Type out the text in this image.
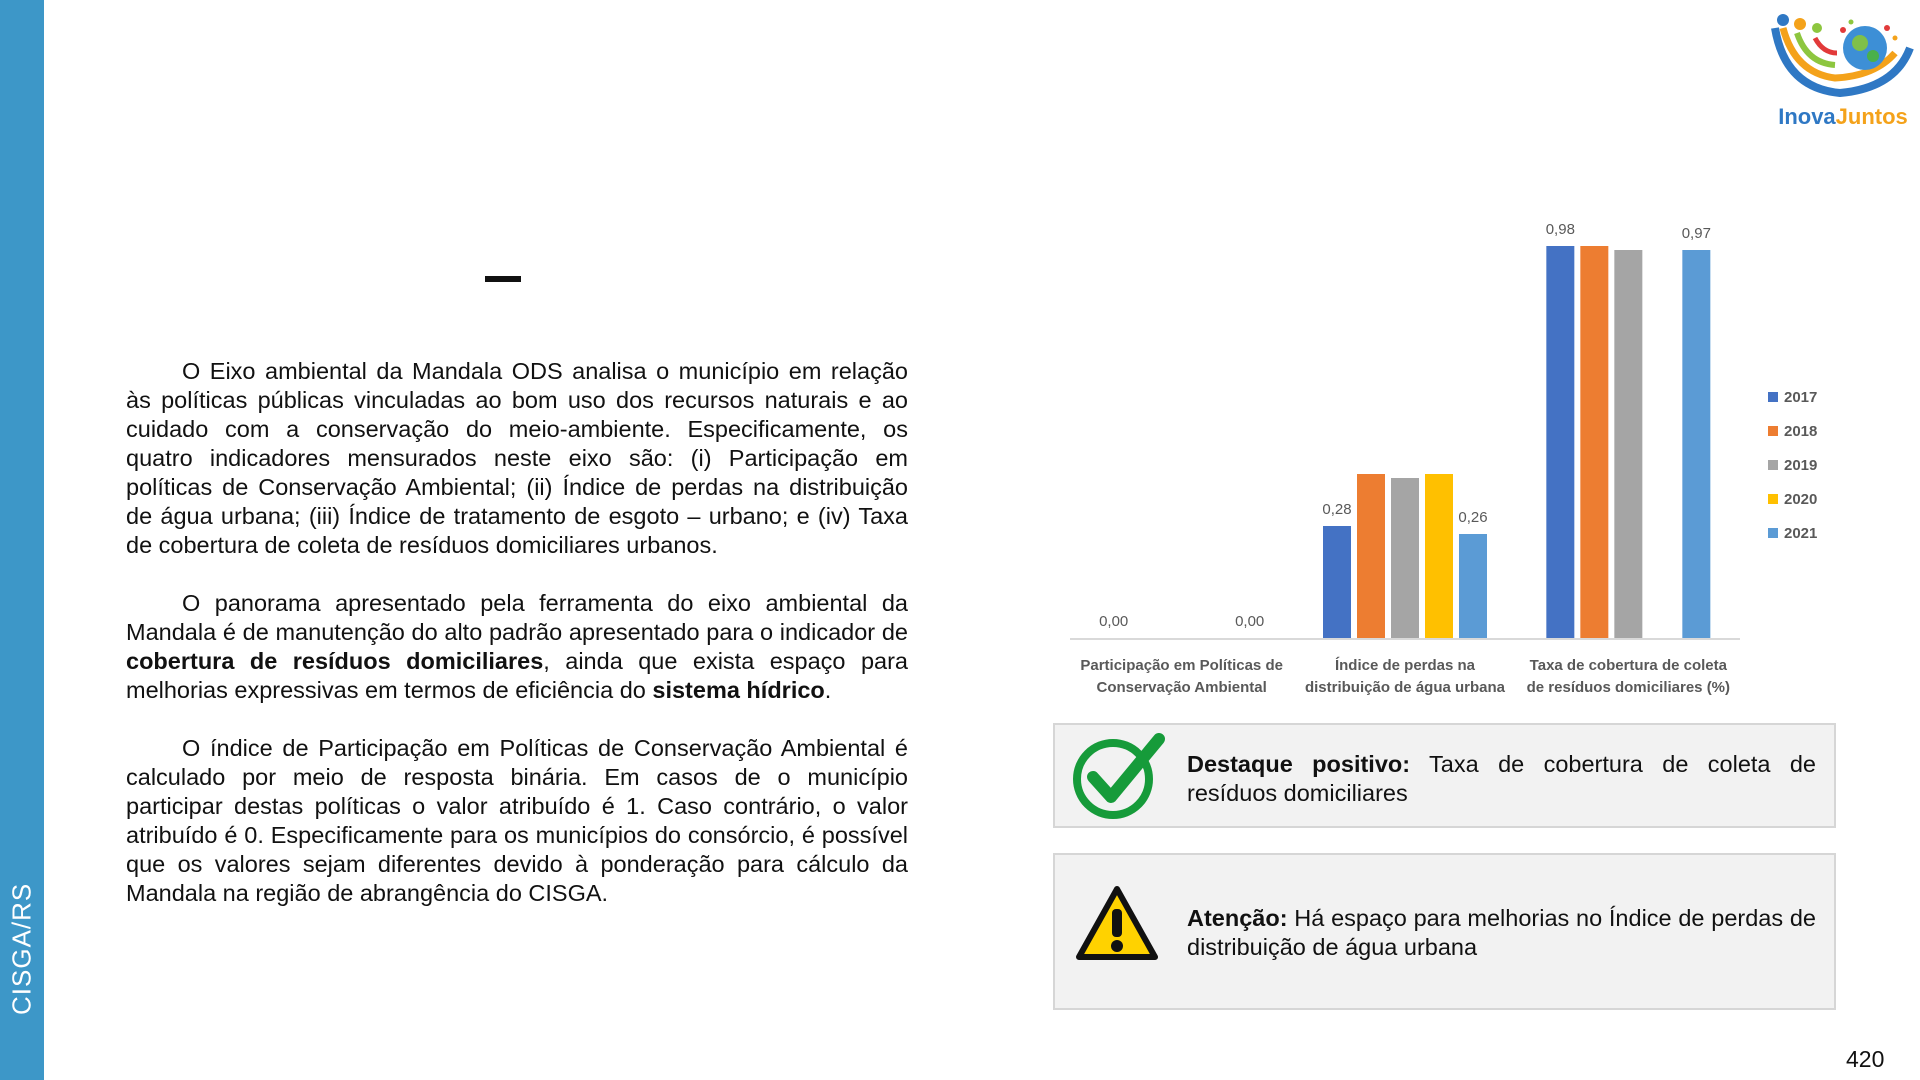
CISGA/RS
InovaJuntos

O Eixo ambiental da Mandala ODS analisa o município em relação às políticas públicas vinculadas ao bom uso dos recursos naturais e ao cuidado com a conservação do meio-ambiente. Especificamente, os quatro indicadores mensurados neste eixo são: (i) Participação em políticas de Conservação Ambiental; (ii) Índice de perdas na distribuição de água urbana; (iii) Índice de tratamento de esgoto – urbano; e (iv) Taxa de cobertura de coleta de resíduos domiciliares urbanos.

O panorama apresentado pela ferramenta do eixo ambiental da Mandala é de manutenção do alto padrão apresentado para o indicador de cobertura de resíduos domiciliares, ainda que exista espaço para melhorias expressivas em termos de eficiência do sistema hídrico.

O índice de Participação em Políticas de Conservação Ambiental é calculado por meio de resposta binária. Em casos de o município participar destas políticas o valor atribuído é 1. Caso contrário, o valor atribuído é 0. Especificamente para os municípios do consórcio, é possível que os valores sejam diferentes devido à ponderação para cálculo da Mandala na região de abrangência do CISGA.

0,00	0,00
0,28	0,26
0,98	0,97
Participação em Políticas de
Conservação Ambiental
Índice de perdas na
distribuição de água urbana
Taxa de cobertura de coleta
de resíduos domiciliares (%)
2017
2018
2019
2020
2021
Destaque positivo: Taxa de cobertura de coleta de resíduos domiciliares
Atenção: Há espaço para melhorias no Índice de perdas de distribuição de água urbana
420
